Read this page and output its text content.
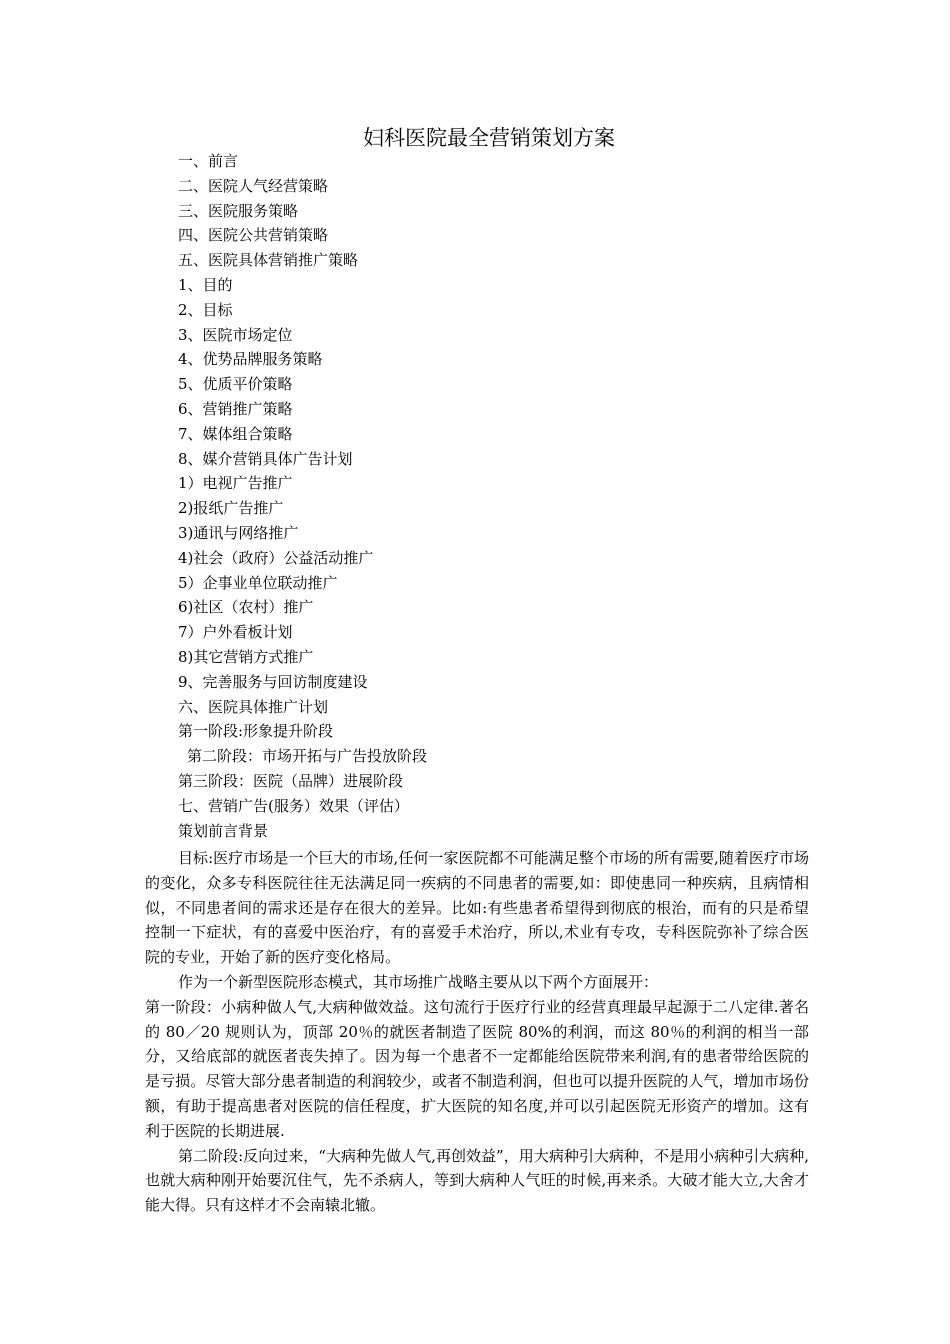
妇科医院最全营销策划方案
一、前言
二、医院人气经营策略
三、医院服务策略
四、医院公共营销策略
五、医院具体营销推广策略
1、目的
2、目标
3、医院市场定位
4、优势品牌服务策略
5、优质平价策略
6、营销推广策略
7、媒体组合策略
8、媒介营销具体广告计划
1）电视广告推广
2)报纸广告推广
3)通讯与网络推广
4)社会（政府）公益活动推广
5）企事业单位联动推广
6)社区（农村）推广
7）户外看板计划
8)其它营销方式推广
9、完善服务与回访制度建设
六、医院具体推广计划
第一阶段:形象提升阶段
第二阶段：市场开拓与广告投放阶段
第三阶段：医院（品牌）进展阶段
七、营销广告(服务）效果（评估）
策划前言背景

目标:医疗市场是一个巨大的市场,任何一家医院都不可能满足整个市场的所有需要,随着医疗市场的变化，众多专科医院往往无法满足同一疾病的不同患者的需要,如：即使患同一种疾病，且病情相似，不同患者间的需求还是存在很大的差异。比如:有些患者希望得到彻底的根治，而有的只是希望控制一下症状，有的喜爱中医治疗，有的喜爱手术治疗，所以,术业有专攻，专科医院弥补了综合医院的专业，开始了新的医疗变化格局。

作为一个新型医院形态模式，其市场推广战略主要从以下两个方面展开：

第一阶段：小病种做人气,大病种做效益。这句流行于医疗行业的经营真理最早起源于二八定律.著名的 80／20 规则认为，顶部 20％的就医者制造了医院 80%的利润，而这 80％的利润的相当一部分，又给底部的就医者丧失掉了。因为每一个患者不一定都能给医院带来利润,有的患者带给医院的是亏损。尽管大部分患者制造的利润较少，或者不制造利润，但也可以提升医院的人气，增加市场份额，有助于提高患者对医院的信任程度，扩大医院的知名度,并可以引起医院无形资产的增加。这有利于医院的长期进展.

第二阶段:反向过来，“大病种先做人气,再创效益”，用大病种引大病种，不是用小病种引大病种,也就大病种刚开始要沉住气，先不杀病人，等到大病种人气旺的时候,再来杀。大破才能大立,大舍才能大得。只有这样才不会南辕北辙。
